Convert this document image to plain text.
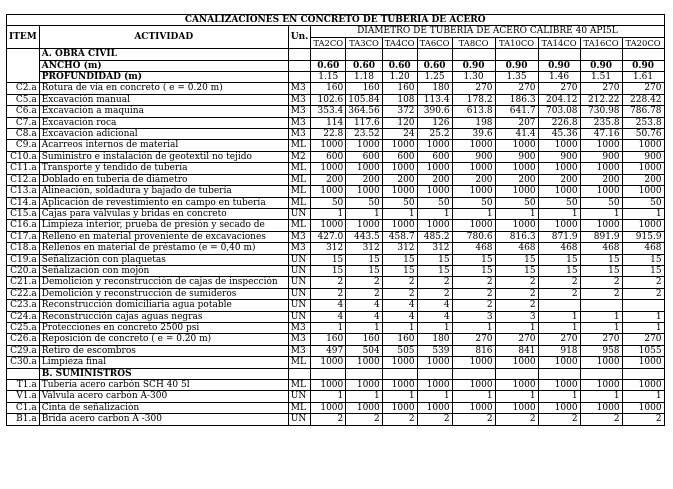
CANALIZACIONES EN CONCRETO DE TUBERIA DE ACERO											
ITEM	ACTIVIDAD	Un.	DIAMETRO DE TUBERIA DE ACERO CALIBRE 40 API5L								
			TA2CO	TA3CO	TA4CO	TA6CO	TA8CO	TA10CO	TA14CO	TA16CO	TA20CO
	A. OBRA CIVIL										
	ANCHO (m)		0.60	0.60	0.60	0.60	0.90	0.90	0.90	0.90	0.90
	PROFUNDIDAD (m)		1.15	1.18	1.20	1.25	1.30	1.35	1.46	1.51	1.61
C2.a	Rotura de vía en concreto ( e = 0.20 m)	M3	160	160	160	180	270	270	270	270	270
C5.a	Excavación manual	M3	102.6	105.84	108	113.4	178.2	186.3	204.12	212.22	228.42
C6.a	Excavación a maquina	M3	353.4	364.56	372	390.6	613.8	641.7	703.08	730.98	786.78
C7.a	Excavación roca	M3	114	117.6	120	126	198	207	226.8	235.8	253.8
C8.a	Excavación adicional	M3	22.8	23.52	24	25.2	39.6	41.4	45.36	47.16	50.76
C9.a	Acarreos internos de material	ML	1000	1000	1000	1000	1000	1000	1000	1000	1000
C10.a	Suministro e instalación de geotextil no tejido	M2	600	600	600	600	900	900	900	900	900
C11.a	Transporte y tendido de tubería	ML	1000	1000	1000	1000	1000	1000	1000	1000	1000
C12.a	Doblado en tubería de diámetro	ML	200	200	200	200	200	200	200	200	200
C13.a	Alineación, soldadura y bajado de tubería	ML	1000	1000	1000	1000	1000	1000	1000	1000	1000
C14.a	Aplicación de revestimiento en campo en tubería	ML	50	50	50	50	50	50	50	50	50
C15.a	Cajas para válvulas y bridas en concreto	UN	1	1	1	1	1	1	1	1	1
C16.a	Limpieza interior, prueba de presión y secado de	ML	1000	1000	1000	1000	1000	1000	1000	1000	1000
C17.a	Relleno en material proveniente de excavaciones	M3	427.0	443.5	458.7	485.2	780.6	816.3	871.9	891.9	915.9
C18.a	Rellenos en material de préstamo (e = 0,40 m)	M3	312	312	312	312	468	468	468	468	468
C19.a	Señalización con plaquetas	UN	15	15	15	15	15	15	15	15	15
C20.a	Señalización con mojón	UN	15	15	15	15	15	15	15	15	15
C21.a	Demolición y reconstrucción de cajas de inspección	UN	2	2	2	2	2	2	2	2	2
C22.a	Demolición y reconstrucción de sumideros	UN	2	2	2	2	2	2	2	2	2
C23.a	Reconstrucción domiciliaria agua potable	UN	4	4	4	4	2	2			
C24.a	Reconstrucción cajas aguas negras	UN	4	4	4	4	3	3	1	1	1
C25.a	Protecciones en concreto 2500 psi	M3	1	1	1	1	1	1	1	1	1
C26.a	Reposición de concreto ( e = 0.20 m)	M3	160	160	160	180	270	270	270	270	270
C29.a	Retiro de escombros	M3	497	504	505	539	816	841	918	958	1055
C30.a	Limpieza final	ML	1000	1000	1000	1000	1000	1000	1000	1000	1000
	B. SUMINISTROS										
T1.a	Tubería acero carbón SCH 40 5l	ML	1000	1000	1000	1000	1000	1000	1000	1000	1000
V1.a	Válvula acero carbón A-300	UN	1	1	1	1	1	1	1	1	1
C1.a	Cinta de señalización	ML	1000	1000	1000	1000	1000	1000	1000	1000	1000
B1.a	Brida acero carbon A -300	UN	2	2	2	2	2	2	2	2	2
